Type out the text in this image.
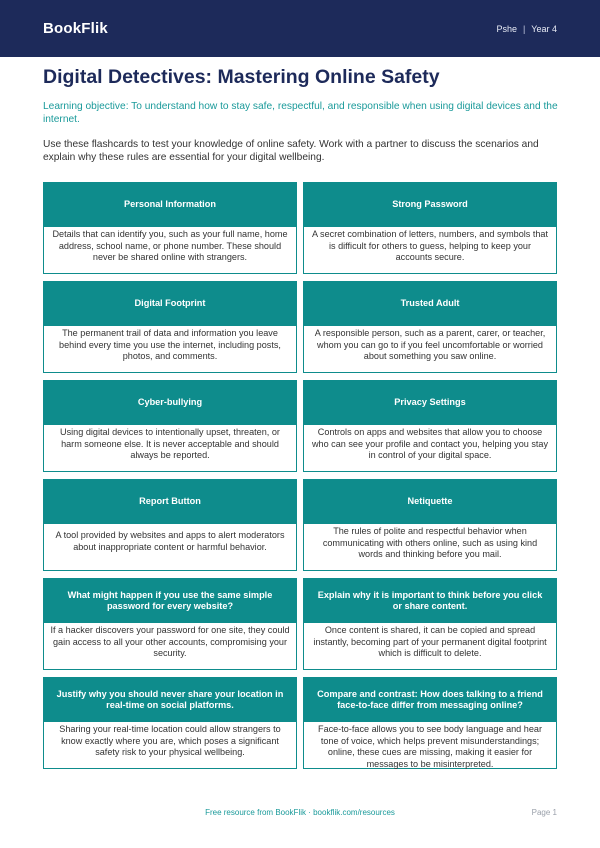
BookFlik	Pshe | Year 4
Digital Detectives: Mastering Online Safety

Learning objective: To understand how to stay safe, respectful, and responsible when using digital devices and the internet.

Use these flashcards to test your knowledge of online safety. Work with a partner to discuss the scenarios and explain why these rules are essential for your digital wellbeing.

Personal Information
Details that can identify you, such as your full name, home address, school name, or phone number. These should never be shared online with strangers.
Strong Password
A secret combination of letters, numbers, and symbols that is difficult for others to guess, helping to keep your accounts secure.
Digital Footprint
The permanent trail of data and information you leave behind every time you use the internet, including posts, photos, and comments.
Trusted Adult
A responsible person, such as a parent, carer, or teacher, whom you can go to if you feel uncomfortable or worried about something you saw online.
Cyber-bullying
Using digital devices to intentionally upset, threaten, or harm someone else. It is never acceptable and should always be reported.
Privacy Settings
Controls on apps and websites that allow you to choose who can see your profile and contact you, helping you stay in control of your digital space.
Report Button
A tool provided by websites and apps to alert moderators about inappropriate content or harmful behavior.
Netiquette
The rules of polite and respectful behavior when communicating with others online, such as using kind words and thinking before you mail.
What might happen if you use the same simple password for every website?
If a hacker discovers your password for one site, they could gain access to all your other accounts, compromising your security.
Explain why it is important to think before you click or share content.
Once content is shared, it can be copied and spread instantly, becoming part of your permanent digital footprint which is difficult to delete.
Justify why you should never share your location in real-time on social platforms.
Sharing your real-time location could allow strangers to know exactly where you are, which poses a significant safety risk to your physical wellbeing.
Compare and contrast: How does talking to a friend face-to-face differ from messaging online?
Face-to-face allows you to see body language and hear tone of voice, which helps prevent misunderstandings; online, these cues are missing, making it easier for messages to be misinterpreted.
Free resource from BookFlik · bookflik.com/resources	Page 1
